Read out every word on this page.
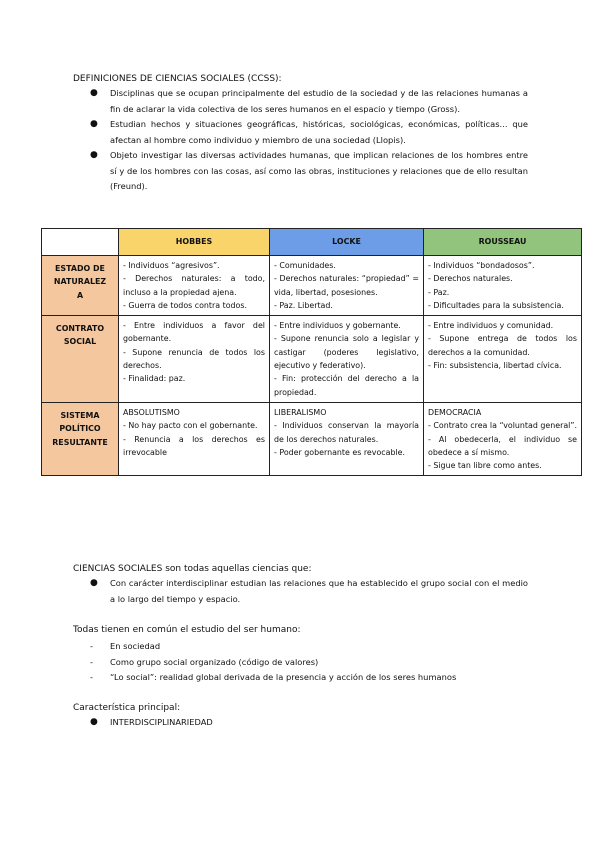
DEFINICIONES DE CIENCIAS SOCIALES (CCSS):
● Disciplinas que se ocupan principalmente del estudio de la sociedad y de las relaciones humanas a fin de aclarar la vida colectiva de los seres humanos en el espacio y tiempo (Gross).
● Estudian hechos y situaciones geográficas, históricas, sociológicas, económicas, políticas... que afectan al hombre como individuo y miembro de una sociedad (Llopis).
● Objeto investigar las diversas actividades humanas, que implican relaciones de los hombres entre sí y de los hombres con las cosas, así como las obras, instituciones y relaciones que de ello resultan (Freund).
	HOBBES	LOCKE	ROUSSEAU

ESTADO DE
NATURALEZ
A	- Individuos “agresivos”.
- Derechos naturales: a todo, incluso a la propiedad ajena.
- Guerra de todos contra todos.	- Comunidades.
- Derechos naturales: “propiedad” = vida, libertad, posesiones.
- Paz. Libertad.	- Individuos “bondadosos”.
- Derechos naturales.
- Paz.
- Dificultades para la subsistencia.

CONTRATO
SOCIAL	- Entre individuos a favor del gobernante.
- Supone renuncia de todos los derechos.
- Finalidad: paz.	- Entre individuos y gobernante.
- Supone renuncia solo a legislar y castigar (poderes legislativo, ejecutivo y federativo).
- Fin: protección del derecho a la propiedad.	- Entre individuos y comunidad.
- Supone entrega de todos los derechos a la comunidad.
- Fin: subsistencia, libertad cívica.

SISTEMA
POLÍTICO
RESULTANTE	ABSOLUTISMO
- No hay pacto con el gobernante.
- Renuncia a los derechos es irrevocable	LIBERALISMO
- Individuos conservan la mayoría de los derechos naturales.
- Poder gobernante es revocable.	DEMOCRACIA
- Contrato crea la “voluntad general”.
- Al obedecerla, el individuo se obedece a sí mismo.
- Sigue tan libre como antes.
CIENCIAS SOCIALES son todas aquellas ciencias que:
● Con carácter interdisciplinar estudian las relaciones que ha establecido el grupo social con el medio a lo largo del tiempo y espacio.
Todas tienen en común el estudio del ser humano:
- En sociedad
- Como grupo social organizado (código de valores)
- “Lo social”: realidad global derivada de la presencia y acción de los seres humanos
Característica principal:
● INTERDISCIPLINARIEDAD
